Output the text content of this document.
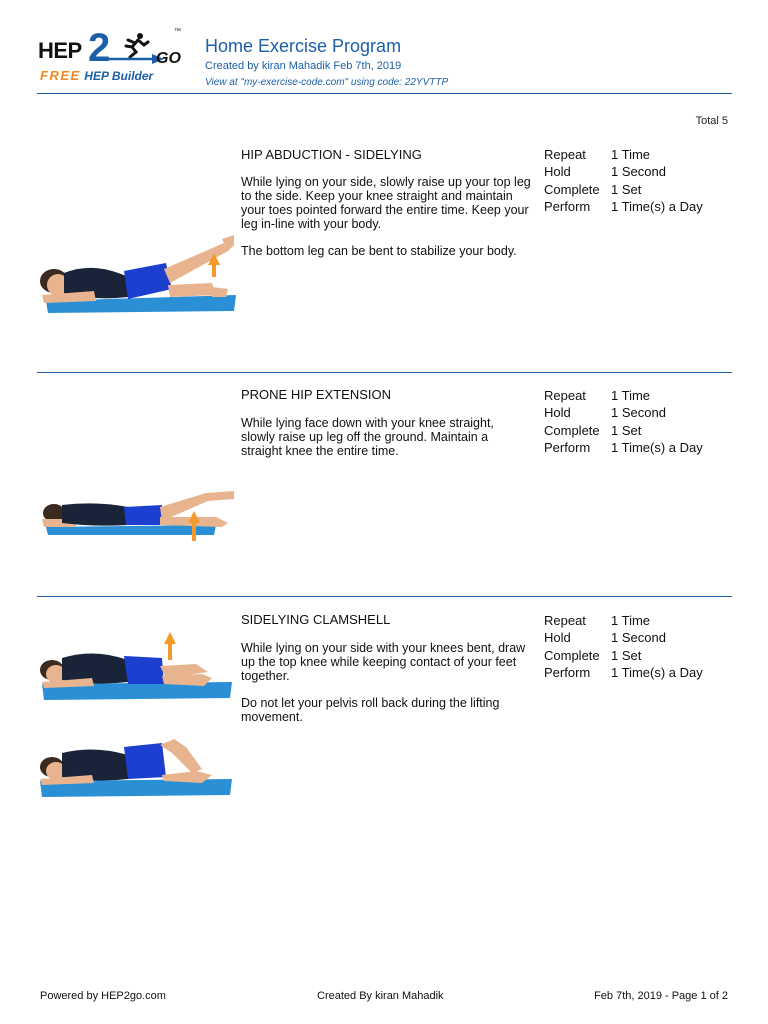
HEP 2	GO
™
FREE HEP Builder
Home Exercise Program
Created by kiran Mahadik Feb 7th, 2019
View at "my-exercise-code.com" using code: 22YVTTP
Total 5
HIP ABDUCTION - SIDELYING

While lying on your side, slowly raise up your top leg to the side. Keep your knee straight and maintain your toes pointed forward the entire time. Keep your leg in-line with your body.

The bottom leg can be bent to stabilize your body.

Repeat	1 Time
Hold	1 Second
Complete 1 Set
Perform	1 Time(s) a Day
PRONE HIP EXTENSION

While lying face down with your knee straight, slowly raise up leg off the ground. Maintain a straight knee the entire time.

Repeat	1 Time
Hold	1 Second
Complete 1 Set
Perform	1 Time(s) a Day
SIDELYING CLAMSHELL

While lying on your side with your knees bent, draw up the top knee while keeping contact of your feet together.

Do not let your pelvis roll back during the lifting movement.

Repeat	1 Time
Hold	1 Second
Complete 1 Set
Perform	1 Time(s) a Day
Powered by HEP2go.com	Created By kiran Mahadik	Feb 7th, 2019 - Page 1 of 2
